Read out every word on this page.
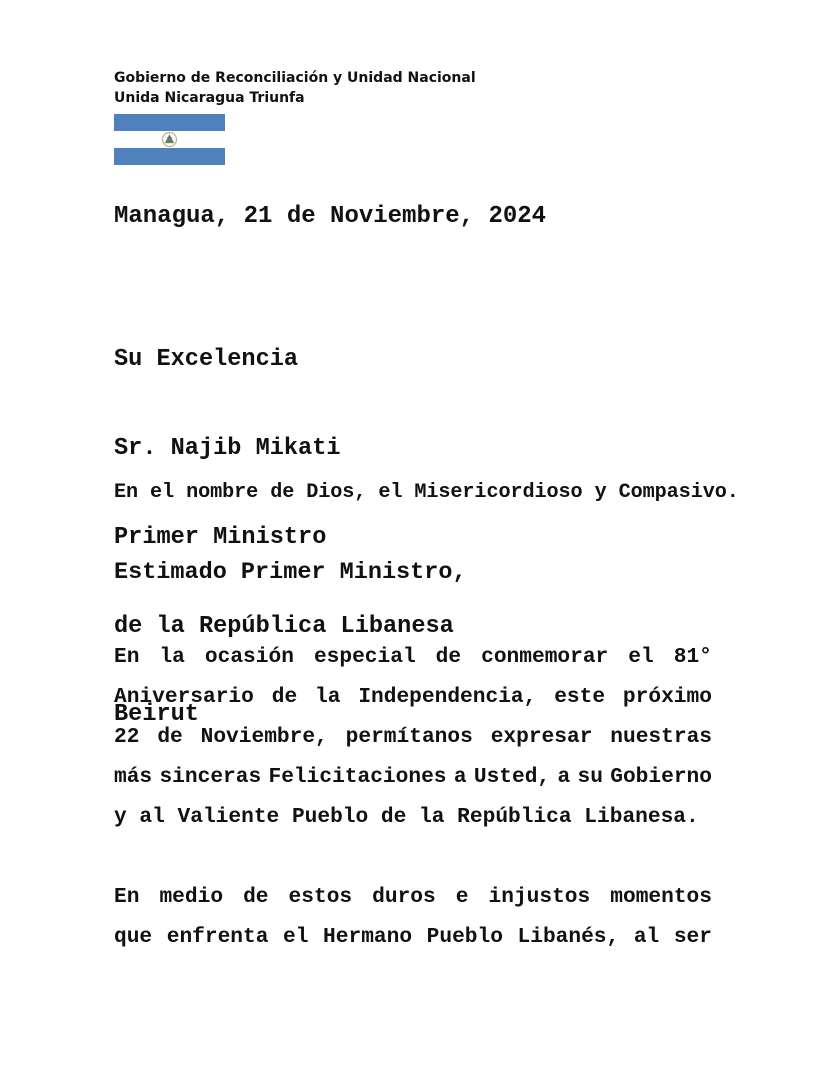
Gobierno de Reconciliación y Unidad Nacional
Unida Nicaragua Triunfa
Managua, 21 de Noviembre, 2024

Su Excelencia

Sr. Najib Mikati

Primer Ministro

de la República Libanesa

Beirut

En el nombre de Dios, el Misericordioso y Compasivo.
Estimado Primer Ministro,
En la ocasión especial de conmemorar el 81°
Aniversario de la Independencia, este próximo
22 de Noviembre, permítanos expresar nuestras
más sinceras Felicitaciones a Usted, a su Gobierno
y al Valiente Pueblo de la República Libanesa.
En medio de estos duros e injustos momentos
que enfrenta el Hermano Pueblo Libanés, al ser
